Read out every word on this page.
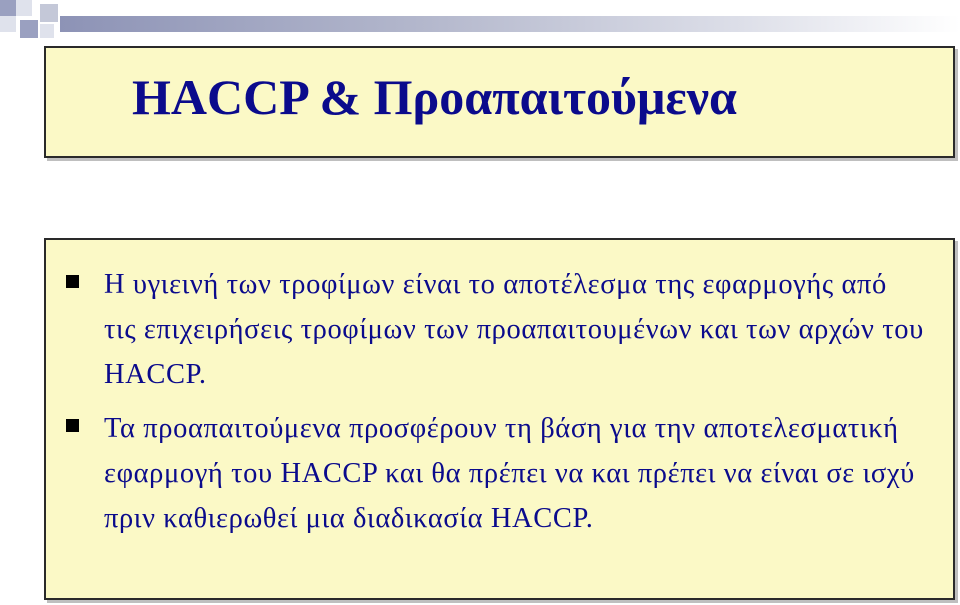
HACCP & Προαπαιτούμενα

Η υγιεινή των τροφίμων είναι το αποτέλεσμα της εφαρμογής από τις επιχειρήσεις τροφίμων των προαπαιτουμένων και των αρχών του HACCP.

Τα προαπαιτούμενα προσφέρουν τη βάση για την αποτελεσματική εφαρμογή του HACCP και θα πρέπει να και πρέπει να είναι σε ισχύ πριν καθιερωθεί μια διαδικασία HACCP.
